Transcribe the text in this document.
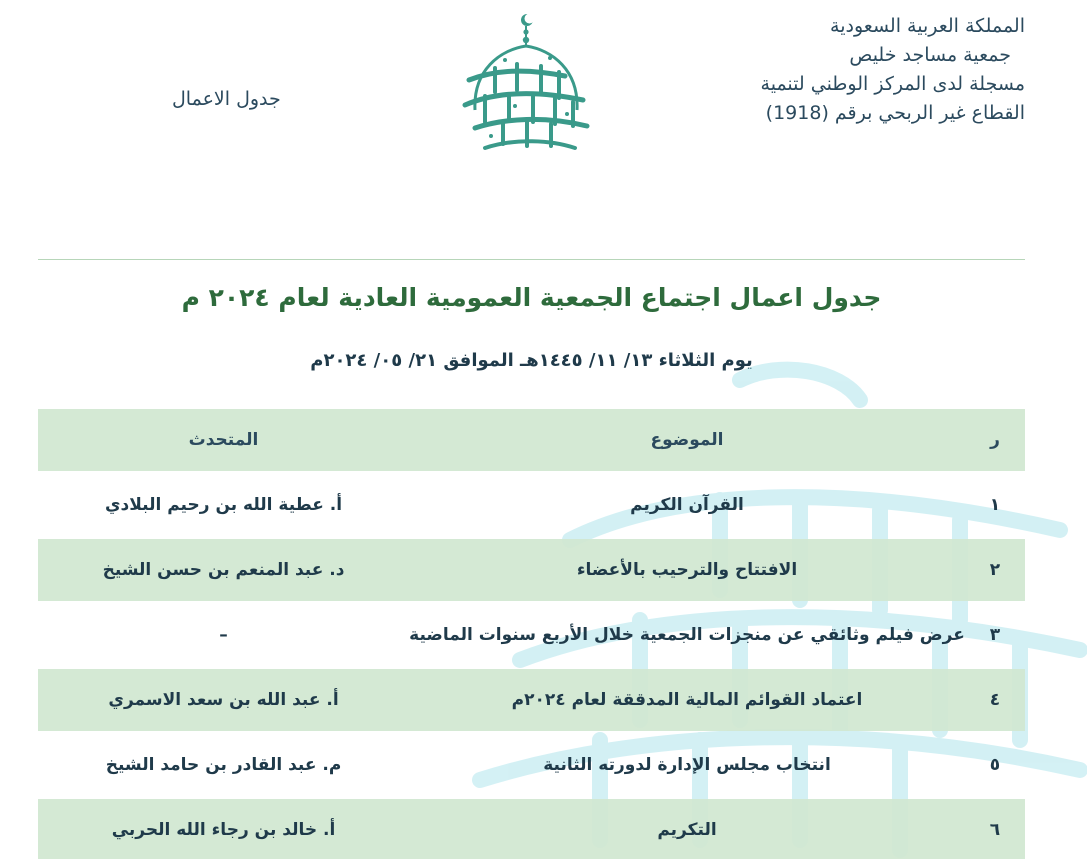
المملكة العربية السعودية
جمعية مساجد خليص
مسجلة لدى المركز الوطني لتنمية
القطاع غير الربحي برقم (1918)
جدول الاعمال
جدول اعمال اجتماع الجمعية العمومية العادية لعام ٢٠٢٤ م
يوم الثلاثاء ١٣/ ١١/ ١٤٤٥هـ الموافق ٢١/ ٠٥/ ٢٠٢٤م
ر
الموضوع
المتحدث
١
القرآن الكريم
أ. عطية الله بن رحيم البلادي
٢
الافتتاح والترحيب بالأعضاء
د. عبد المنعم بن حسن الشيخ
٣
عرض فيلم وثائقي عن منجزات الجمعية خلال الأربع سنوات الماضية
–
٤
اعتماد القوائم المالية المدققة لعام ٢٠٢٤م
أ. عبد الله بن سعد الاسمري
٥
انتخاب مجلس الإدارة لدورته الثانية
م. عبد القادر بن حامد الشيخ
٦
التكريم
أ. خالد بن رجاء الله الحربي
